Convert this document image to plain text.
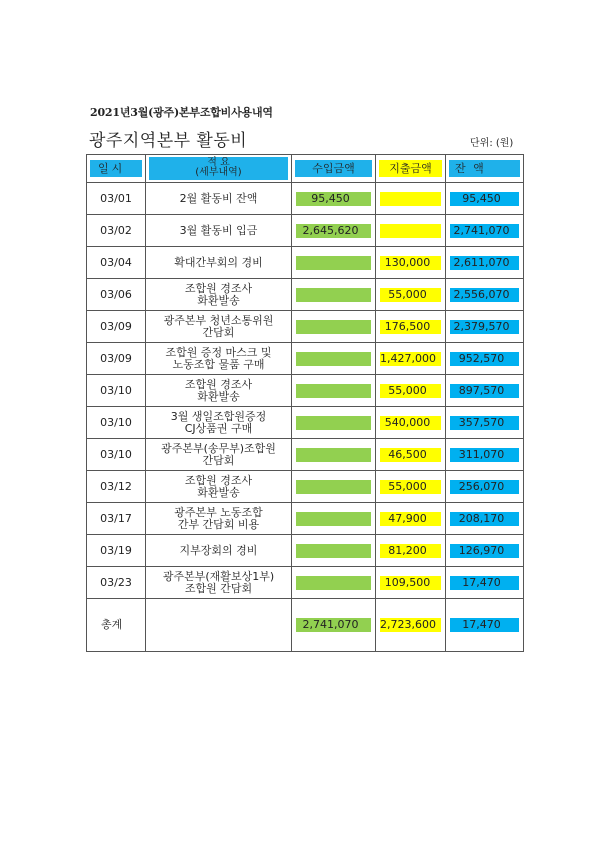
2021년3월(광주)본부조합비사용내역
광주지역본부 활동비	단위: (원)
일시	적 요
(세부내역)	수입금액	지출금액	잔 액

03/01	2월 활동비 잔액	95,450		95,450

03/02	3월 활동비 입금	2,645,620		2,741,070

03/04	확대간부회의 경비		130,000	2,611,070

03/06	조합원 경조사
화환발송		55,000	2,556,070

03/09	광주본부 청년소통위원
간담회		176,500	2,379,570

03/09	조합원 증정 마스크 및
노동조합 물품 구매		1,427,000	952,570

03/10	조합원 경조사
화환발송		55,000	897,570

03/10	3월 생일조합원증정
CJ상품권 구매		540,000	357,570

03/10	광주본부(송무부)조합원
간담회		46,500	311,070

03/12	조합원 경조사
화환발송		55,000	256,070

03/17	광주본부 노동조합
간부 간담회 비용		47,900	208,170

03/19	지부장회의 경비		81,200	126,970

03/23	광주본부(재활보상1부)
조합원 간담회		109,500	17,470

총계		2,741,070	2,723,600	17,470
